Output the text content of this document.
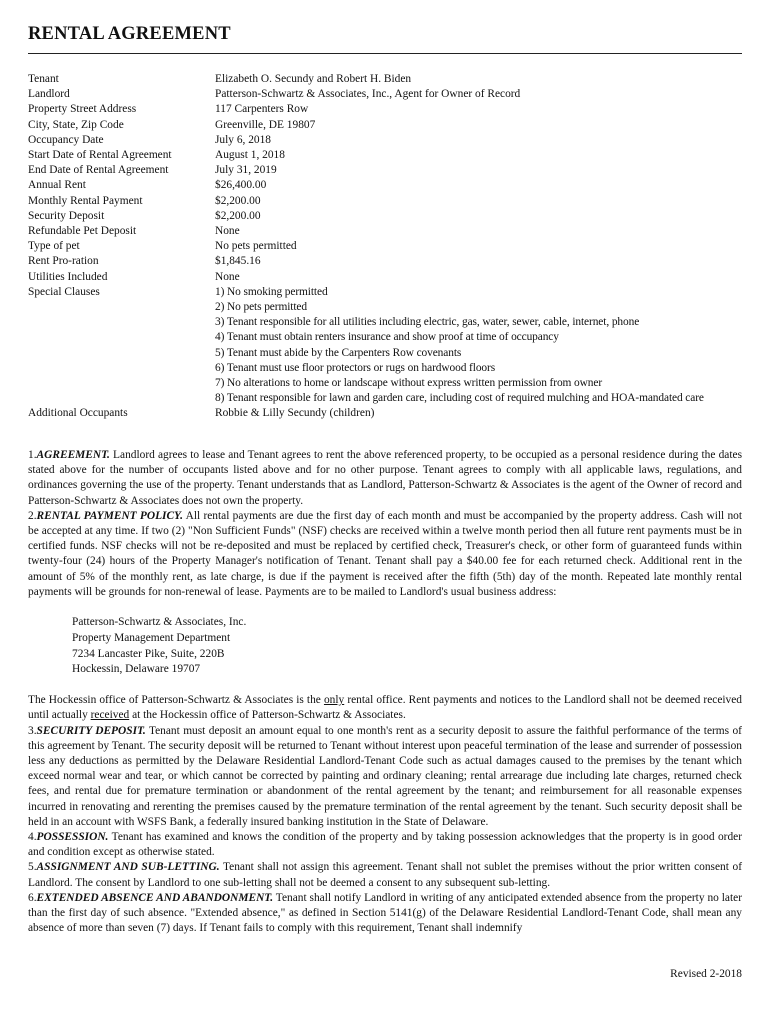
RENTAL AGREEMENT
Tenant	Elizabeth O. Secundy and Robert H. Biden
Landlord	Patterson-Schwartz & Associates, Inc., Agent for Owner of Record
Property Street Address	117 Carpenters Row
City, State, Zip Code	Greenville, DE 19807
Occupancy Date	July 6, 2018
Start Date of Rental Agreement	August 1, 2018
End Date of Rental Agreement	July 31, 2019
Annual Rent	$26,400.00
Monthly Rental Payment	$2,200.00
Security Deposit	$2,200.00
Refundable Pet Deposit	None
Type of pet	No pets permitted
Rent Pro-ration	$1,845.16
Utilities Included	None
Special Clauses	1) No smoking permitted
2) No pets permitted
3) Tenant responsible for all utilities including electric, gas, water, sewer, cable, internet, phone
4) Tenant must obtain renters insurance and show proof at time of occupancy
5) Tenant must abide by the Carpenters Row covenants
6) Tenant must use floor protectors or rugs on hardwood floors
7) No alterations to home or landscape without express written permission from owner
8) Tenant responsible for lawn and garden care, including cost of required mulching and HOA-mandated care
Additional Occupants	Robbie & Lilly Secundy (children)

1.AGREEMENT. Landlord agrees to lease and Tenant agrees to rent the above referenced property, to be occupied as a personal residence during the dates stated above for the number of occupants listed above and for no other purpose. Tenant agrees to comply with all applicable laws, regulations, and ordinances governing the use of the property. Tenant understands that as Landlord, Patterson-Schwartz & Associates is the agent of the Owner of record and Patterson-Schwartz & Associates does not own the property.

2.RENTAL PAYMENT POLICY. All rental payments are due the first day of each month and must be accompanied by the property address. Cash will not be accepted at any time. If two (2) "Non Sufficient Funds" (NSF) checks are received within a twelve month period then all future rent payments must be in certified funds. NSF checks will not be re-deposited and must be replaced by certified check, Treasurer's check, or other form of guaranteed funds within twenty-four (24) hours of the Property Manager's notification of Tenant. Tenant shall pay a $40.00 fee for each returned check. Additional rent in the amount of 5% of the monthly rent, as late charge, is due if the payment is received after the fifth (5th) day of the month. Repeated late monthly rental payments will be grounds for non-renewal of lease. Payments are to be mailed to Landlord's usual business address:

Patterson-Schwartz & Associates, Inc.
Property Management Department
7234 Lancaster Pike, Suite, 220B
Hockessin, Delaware 19707

The Hockessin office of Patterson-Schwartz & Associates is the only rental office. Rent payments and notices to the Landlord shall not be deemed received until actually received at the Hockessin office of Patterson-Schwartz & Associates.

3.SECURITY DEPOSIT. Tenant must deposit an amount equal to one month's rent as a security deposit to assure the faithful performance of the terms of this agreement by Tenant. The security deposit will be returned to Tenant without interest upon peaceful termination of the lease and surrender of possession less any deductions as permitted by the Delaware Residential Landlord-Tenant Code such as actual damages caused to the premises by the tenant which exceed normal wear and tear, or which cannot be corrected by painting and ordinary cleaning; rental arrearage due including late charges, returned check fees, and rental due for premature termination or abandonment of the rental agreement by the tenant; and reimbursement for all reasonable expenses incurred in renovating and rerenting the premises caused by the premature termination of the rental agreement by the tenant. Such security deposit shall be held in an account with WSFS Bank, a federally insured banking institution in the State of Delaware.

4.POSSESSION. Tenant has examined and knows the condition of the property and by taking possession acknowledges that the property is in good order and condition except as otherwise stated.

5.ASSIGNMENT AND SUB-LETTING. Tenant shall not assign this agreement. Tenant shall not sublet the premises without the prior written consent of Landlord. The consent by Landlord to one sub-letting shall not be deemed a consent to any subsequent sub-letting.

6.EXTENDED ABSENCE AND ABANDONMENT. Tenant shall notify Landlord in writing of any anticipated extended absence from the property no later than the first day of such absence. "Extended absence," as defined in Section 5141(g) of the Delaware Residential Landlord-Tenant Code, shall mean any absence of more than seven (7) days. If Tenant fails to comply with this requirement, Tenant shall indemnify

Revised 2-2018
